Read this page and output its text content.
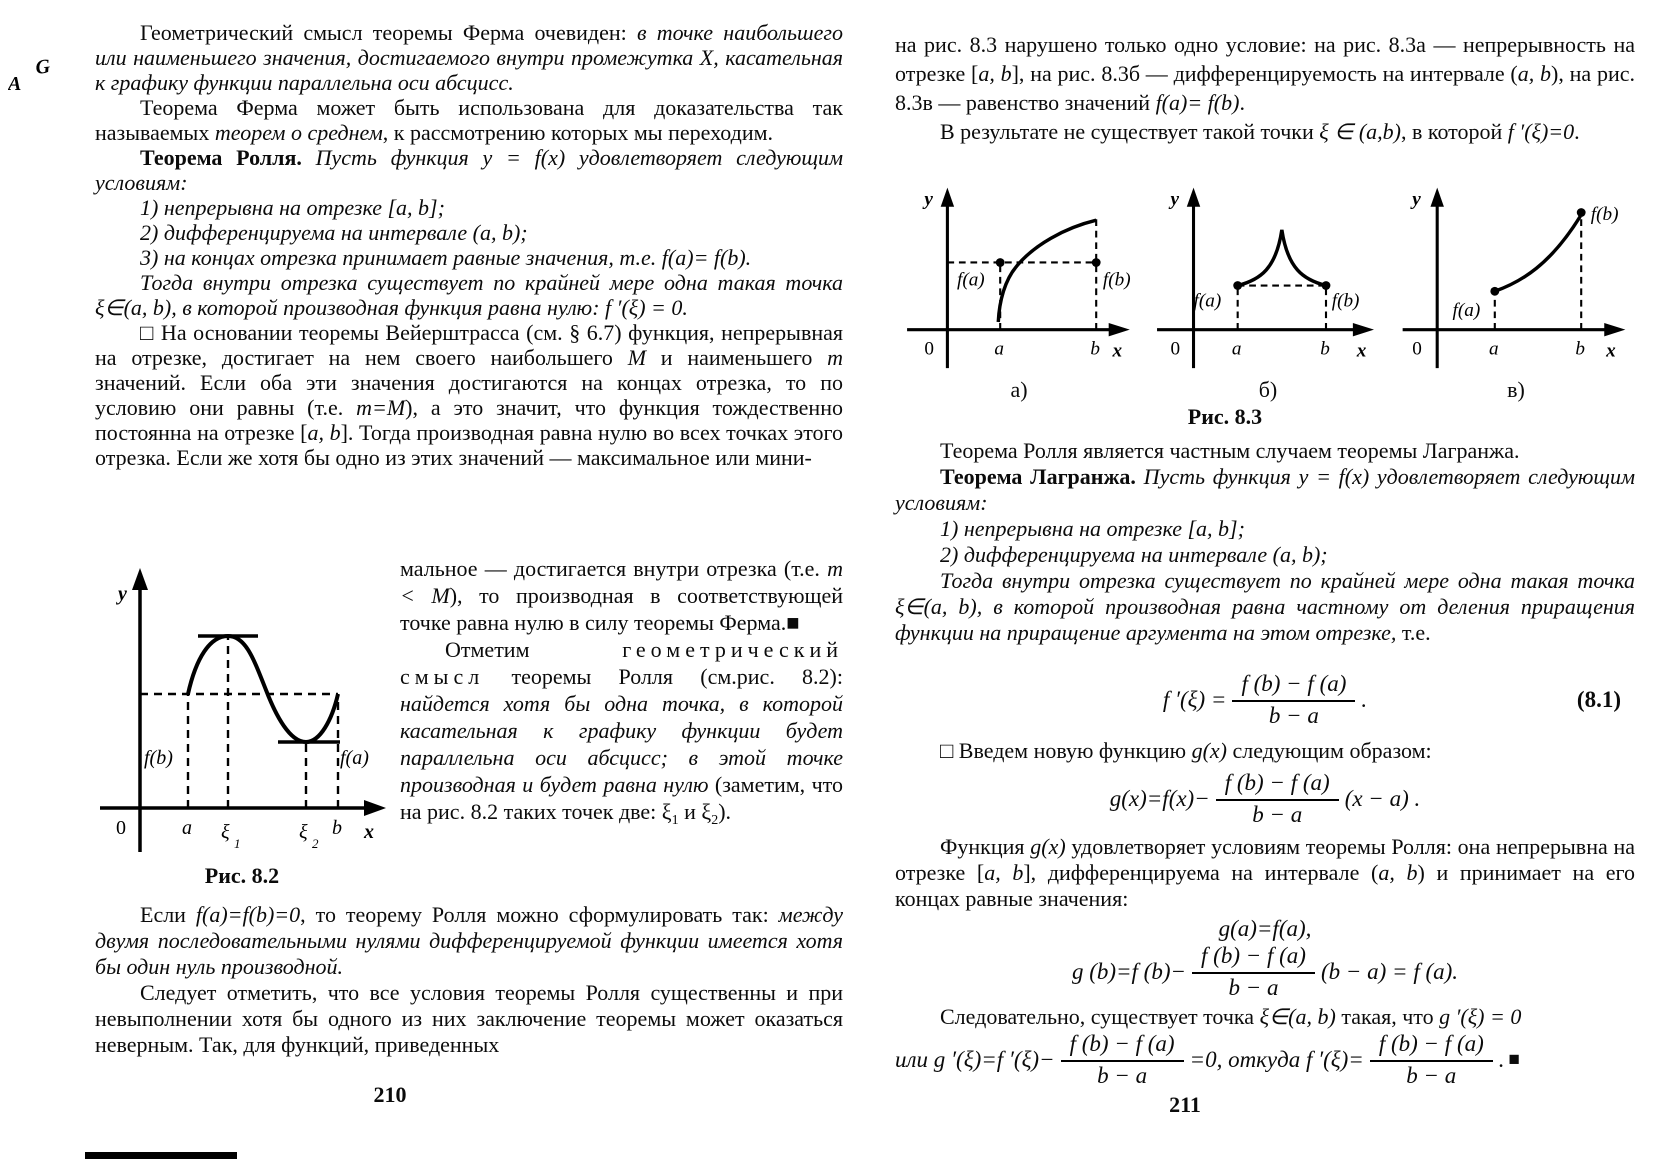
G
A

Геометрический смысл теоремы Ферма очевиден: в точке наибольшего или наименьшего значения, достигаемого внутри промежутка X, касательная к графику функции параллельна оси абсцисс.

Теорема Ферма может быть использована для доказательства так называемых теорем о среднем, к рассмотрению которых мы переходим.

Теорема Ролля. Пусть функция y = f(x) удовлетворяет следующим условиям:

1) непрерывна на отрезке [a, b];

2) дифференцируема на интервале (a, b);

3) на концах отрезка принимает равные значения, т.е. f(a)= f(b).

Тогда внутри отрезка существует по крайней мере одна такая точка ξ∈(a, b), в которой производная функция равна нулю: f ′(ξ) = 0.

□ На основании теоремы Вейерштрасса (см. § 6.7) функция, непрерывная на отрезке, достигает на нем своего наибольшего M и наименьшего m значений. Если оба эти значения достигаются на концах отрезка, то по условию они равны (т.е. m=M), а это значит, что функция тождественно постоянна на отрезке [a, b]. Тогда производная равна нулю во всех точках этого отрезка. Если же хотя бы одно из этих значений — максимальное или мини-

y
x
0	a ξ
1
ξ
2
b
f(b)	f(a)
Рис. 8.2

мальное — достигается внутри отрезка (т.е. m < M), то производная в соответствующей точке равна нулю в силу теоремы Ферма.■

Отметим геометрический смысл теоремы Ролля (см.рис. 8.2): найдется хотя бы одна точка, в которой касательная к графику функции будет параллельна оси абсцисс; в этой точке производная и будет равна нулю (заметим, что на рис. 8.2 таких точек две: $\xi_1$ и $\xi_2$).

Если f(a)=f(b)=0, то теорему Ролля можно сформулировать так: между двумя последовательными нулями дифференцируемой функции имеется хотя бы один нуль производной.

Следует отметить, что все условия теоремы Ролля существенны и при невыполнении хотя бы одного из них заключение теоремы может оказаться неверным. Так, для функций, приведенных

210

на рис. 8.3 нарушено только одно условие: на рис. 8.3а — непрерывность на отрезке [a, b], на рис. 8.3б — дифференцируемость на интервале (a, b), на рис. 8.3в — равенство значений f(a)= f(b).

В результате не существует такой точки ξ ∈ (a,b), в которой f ′(ξ)=0.

y
x
0	a	b
f(a)	f(b)
а)
y
x
0	a	b
f(a)	f(b)
б)
y
x
0	a	b
f(a)
f(b)
в)
Рис. 8.3

Теорема Ролля является частным случаем теоремы Лагранжа.

Теорема Лагранжа. Пусть функция y = f(x) удовлетворяет следующим условиям:

1) непрерывна на отрезке [a, b];

2) дифференцируема на интервале (a, b);

Тогда внутри отрезка существует по крайней мере одна такая точка ξ∈(a, b), в которой производная равна частному от деления приращения функции на приращение аргумента на этом отрезке, т.е.

f $'(\xi) = \frac{f (b) - f (a)}{b - a}$ .	(8.1)

□ Введем новую функцию g(x) следующим образом:

$g(x)=f(x)- \frac{f (b) - f (a)}{b - a} (x - a)$ .

Функция g(x) удовлетворяет условиям теоремы Ролля: она непрерывна на отрезке [a, b], дифференцируема на интервале (a, b) и принимает на его концах равные значения:

g(a)=f(a),
g (b)=f $(b)- \frac{f (b) - f (a)}{b - a} (b - a) = f$ (a).

Следовательно, существует точка ξ∈(a, b) такая, что g ′(ξ) = 0

или g ′(ξ)=f $'(\xi)- \frac{f (b) - f (a)}{b - a} =0$, откуда f $'(\xi)= \frac{f (b) - f (a)}{b - a}$ . ■
211
